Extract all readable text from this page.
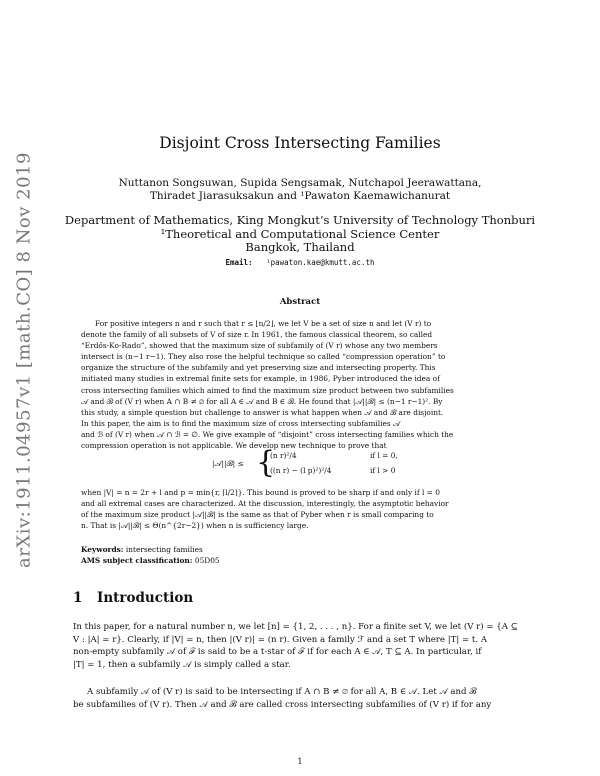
arXiv:1911.04957v1 [math.CO] 8 Nov 2019
Disjoint Cross Intersecting Families
Nuttanon Songsuwan, Supida Sengsamak, Nutchapol Jeerawattana,
Thiradet Jiarasuksakun and ¹Pawaton Kaemawichanurat
Department of Mathematics, King Mongkut’s University of Technology Thonburi
¹Theoretical and Computational Science Center
Bangkok, Thailand
Email: ¹pawaton.kae@kmutt.ac.th
Abstract
For positive integers n and r such that r ≤ ⌊n/2⌋, we let V be a set of size n and let (V r) to
denote the family of all subsets of V of size r. In 1961, the famous classical theorem, so called
“Erdős-Ko-Rado”, showed that the maximum size of subfamily of (V r) whose any two members
intersect is (n−1 r−1). They also rose the helpful technique so called “compression operation” to
organize the structure of the subfamily and yet preserving size and intersecting property. This
initiated many studies in extremal finite sets for example, in 1986, Pyber introduced the idea of
cross intersecting families which aimed to find the maximum size product between two subfamilies
𝒜 and ℬ of (V r) when A ∩ B ≠ ∅ for all A ∈ 𝒜 and B ∈ ℬ. He found that |𝒜||ℬ| ≤ (n−1 r−1)². By
this study, a simple question but challenge to answer is what happen when 𝒜 and ℬ are disjoint.
In this paper, the aim is to find the maximum size of cross intersecting subfamilies 𝒜
and ℬ of (V r) when 𝒜 ∩ ℬ = ∅. We give example of “disjoint” cross intersecting families which the
compression operation is not applicable. We develop new technique to prove that
|𝒜||ℬ| ≤ {
(n r)²/4	if l = 0,
((n r) − (l p)²)²/4	if l > 0
when |V| = n = 2r + l and p = min{r, ⌈l/2⌉}. This bound is proved to be sharp if and only if l = 0
and all extremal cases are characterized. At the discussion, interestingly, the asymptotic behavior
of the maximum size product |𝒜||ℬ| is the same as that of Pyber when r is small comparing to
n. That is |𝒜||ℬ| ≤ Θ(n^{2r−2}) when n is sufficiency large.
Keywords: intersecting families
AMS subject classification: 05D05
1 Introduction
In this paper, for a natural number n, we let [n] = {1, 2, . . . , n}. For a finite set V, we let (V r) = {A ⊆
V : |A| = r}. Clearly, if |V| = n, then |(V r)| = (n r). Given a family ℱ and a set T where |T| = t. A
non-empty subfamily 𝒜 of ℱ is said to be a t-star of ℱ if for each A ∈ 𝒜, T ⊆ A. In particular, if
|T| = 1, then a subfamily 𝒜 is simply called a star.
A subfamily 𝒜 of (V r) is said to be intersecting if A ∩ B ≠ ∅ for all A, B ∈ 𝒜. Let 𝒜 and ℬ
be subfamilies of (V r). Then 𝒜 and ℬ are called cross intersecting subfamilies of (V r) if for any
1
